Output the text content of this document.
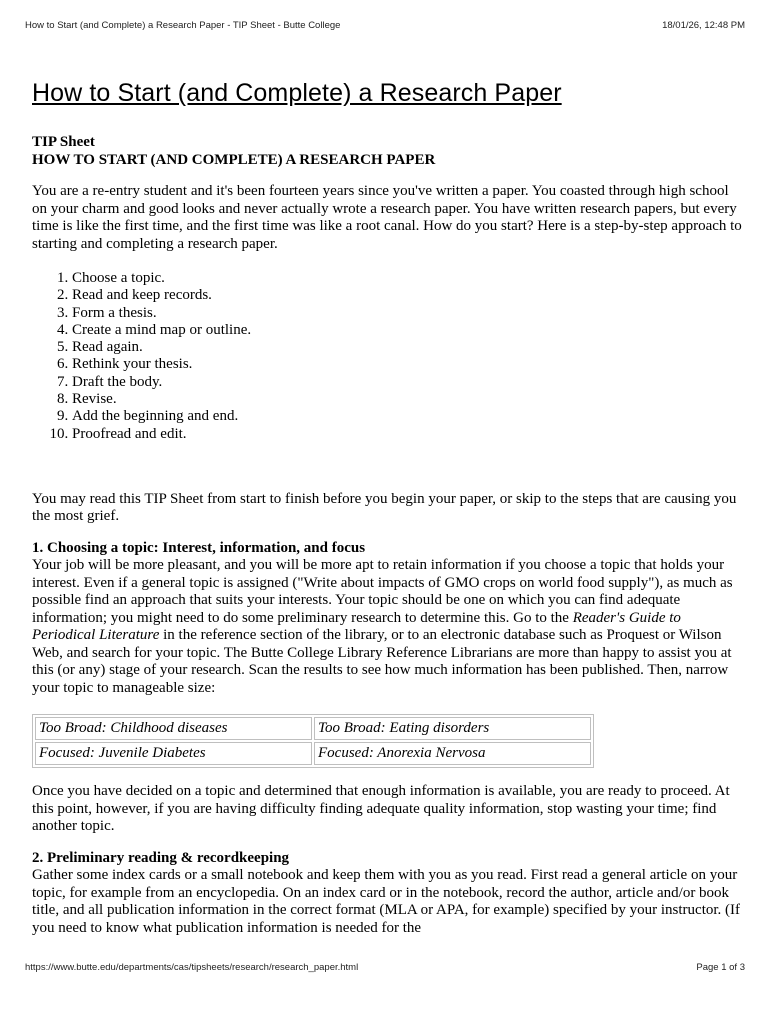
How to Start (and Complete) a Research Paper - TIP Sheet - Butte College	18/01/26, 12:48 PM
How to Start (and Complete) a Research Paper
TIP Sheet
HOW TO START (AND COMPLETE) A RESEARCH PAPER

You are a re-entry student and it's been fourteen years since you've written a paper. You coasted through high school on your charm and good looks and never actually wrote a research paper. You have written research papers, but every time is like the first time, and the first time was like a root canal. How do you start? Here is a step-by-step approach to starting and completing a research paper.

1. Choose a topic.
2. Read and keep records.
3. Form a thesis.
4. Create a mind map or outline.
5. Read again.
6. Rethink your thesis.
7. Draft the body.
8. Revise.
9. Add the beginning and end.
10. Proofread and edit.

You may read this TIP Sheet from start to finish before you begin your paper, or skip to the steps that are causing you the most grief.

1. Choosing a topic: Interest, information, and focus

Your job will be more pleasant, and you will be more apt to retain information if you choose a topic that holds your interest. Even if a general topic is assigned ("Write about impacts of GMO crops on world food supply"), as much as possible find an approach that suits your interests. Your topic should be one on which you can find adequate information; you might need to do some preliminary research to determine this. Go to the Reader's Guide to Periodical Literature in the reference section of the library, or to an electronic database such as Proquest or Wilson Web, and search for your topic. The Butte College Library Reference Librarians are more than happy to assist you at this (or any) stage of your research. Scan the results to see how much information has been published. Then, narrow your topic to manageable size:

Too Broad: Childhood diseases	Too Broad: Eating disorders
Focused: Juvenile Diabetes	Focused: Anorexia Nervosa

Once you have decided on a topic and determined that enough information is available, you are ready to proceed. At this point, however, if you are having difficulty finding adequate quality information, stop wasting your time; find another topic.

2. Preliminary reading & recordkeeping

Gather some index cards or a small notebook and keep them with you as you read. First read a general article on your topic, for example from an encyclopedia. On an index card or in the notebook, record the author, article and/or book title, and all publication information in the correct format (MLA or APA, for example) specified by your instructor. (If you need to know what publication information is needed for the

https://www.butte.edu/departments/cas/tipsheets/research/research_paper.html	Page 1 of 3
